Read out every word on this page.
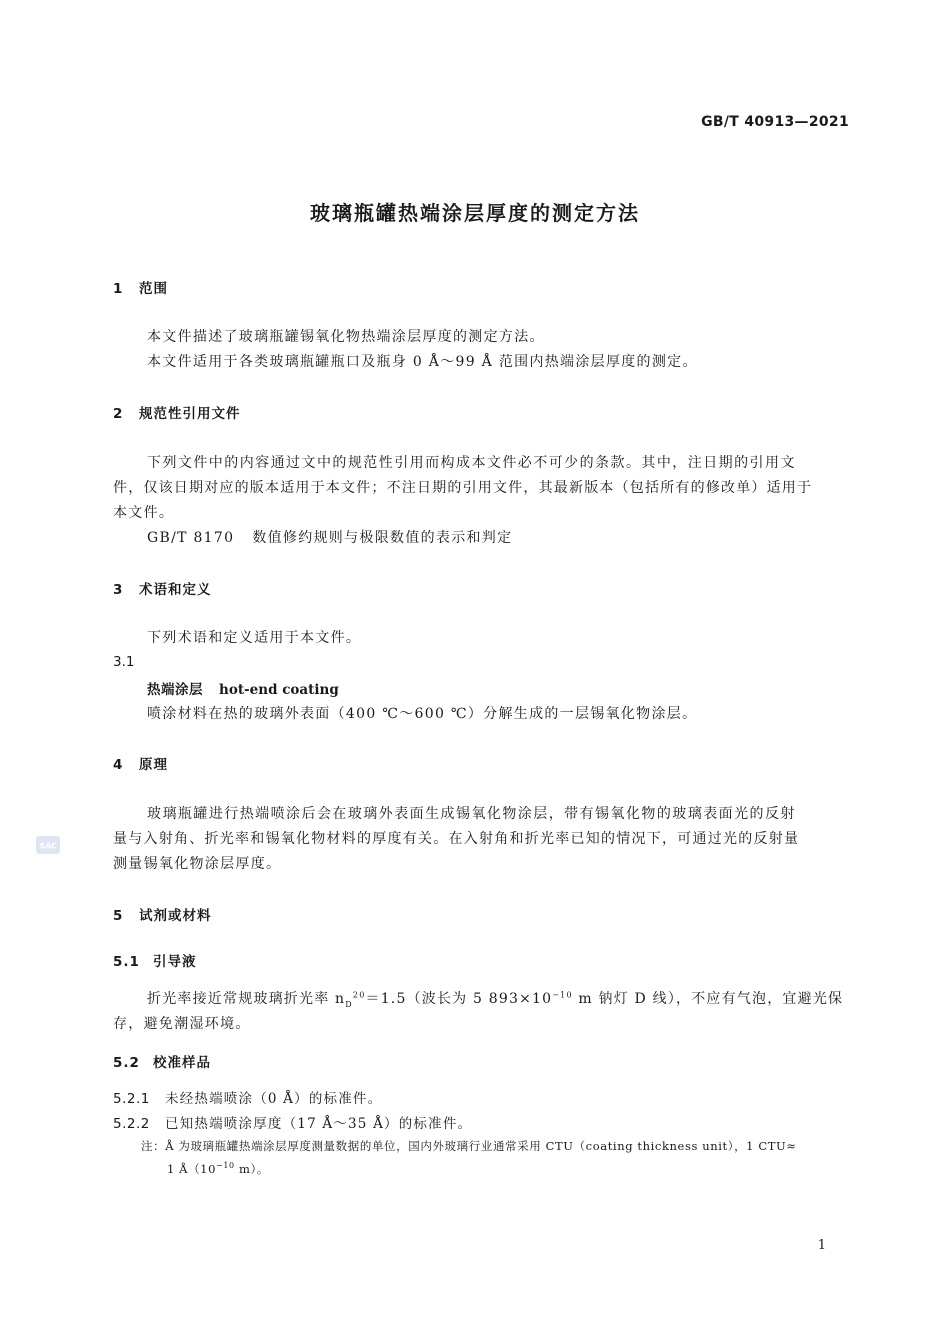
GB/T 40913—2021
玻璃瓶罐热端涂层厚度的测定方法
1 范围
本文件描述了玻璃瓶罐锡氧化物热端涂层厚度的测定方法。
本文件适用于各类玻璃瓶罐瓶口及瓶身 0 Å～99 Å 范围内热端涂层厚度的测定。
2 规范性引用文件
下列文件中的内容通过文中的规范性引用而构成本文件必不可少的条款。其中，注日期的引用文
件，仅该日期对应的版本适用于本文件；不注日期的引用文件，其最新版本（包括所有的修改单）适用于
本文件。
GB/T 8170 数值修约规则与极限数值的表示和判定
3 术语和定义
下列术语和定义适用于本文件。
3.1
热端涂层 hot-end coating
喷涂材料在热的玻璃外表面（400 ℃～600 ℃）分解生成的一层锡氧化物涂层。
4 原理
玻璃瓶罐进行热端喷涂后会在玻璃外表面生成锡氧化物涂层，带有锡氧化物的玻璃表面光的反射
量与入射角、折光率和锡氧化物材料的厚度有关。在入射角和折光率已知的情况下，可通过光的反射量
测量锡氧化物涂层厚度。
5 试剂或材料
5.1 引导液
折光率接近常规玻璃折光率 $n_D^{20}=1.5$（波长为 5 $893\times 10^{-10}$ m 钠灯 D 线），不应有气泡，宜避光保
存，避免潮湿环境。
5.2 校准样品
5.2.1 未经热端喷涂（0 Å）的标准件。
5.2.2 已知热端喷涂厚度（17 Å～35 Å）的标准件。
注：Å 为玻璃瓶罐热端涂层厚度测量数据的单位，国内外玻璃行业通常采用 CTU（coating thickness unit），1 CTU≈
1 $Å(10^{-10}$ m）。
SAC
1
